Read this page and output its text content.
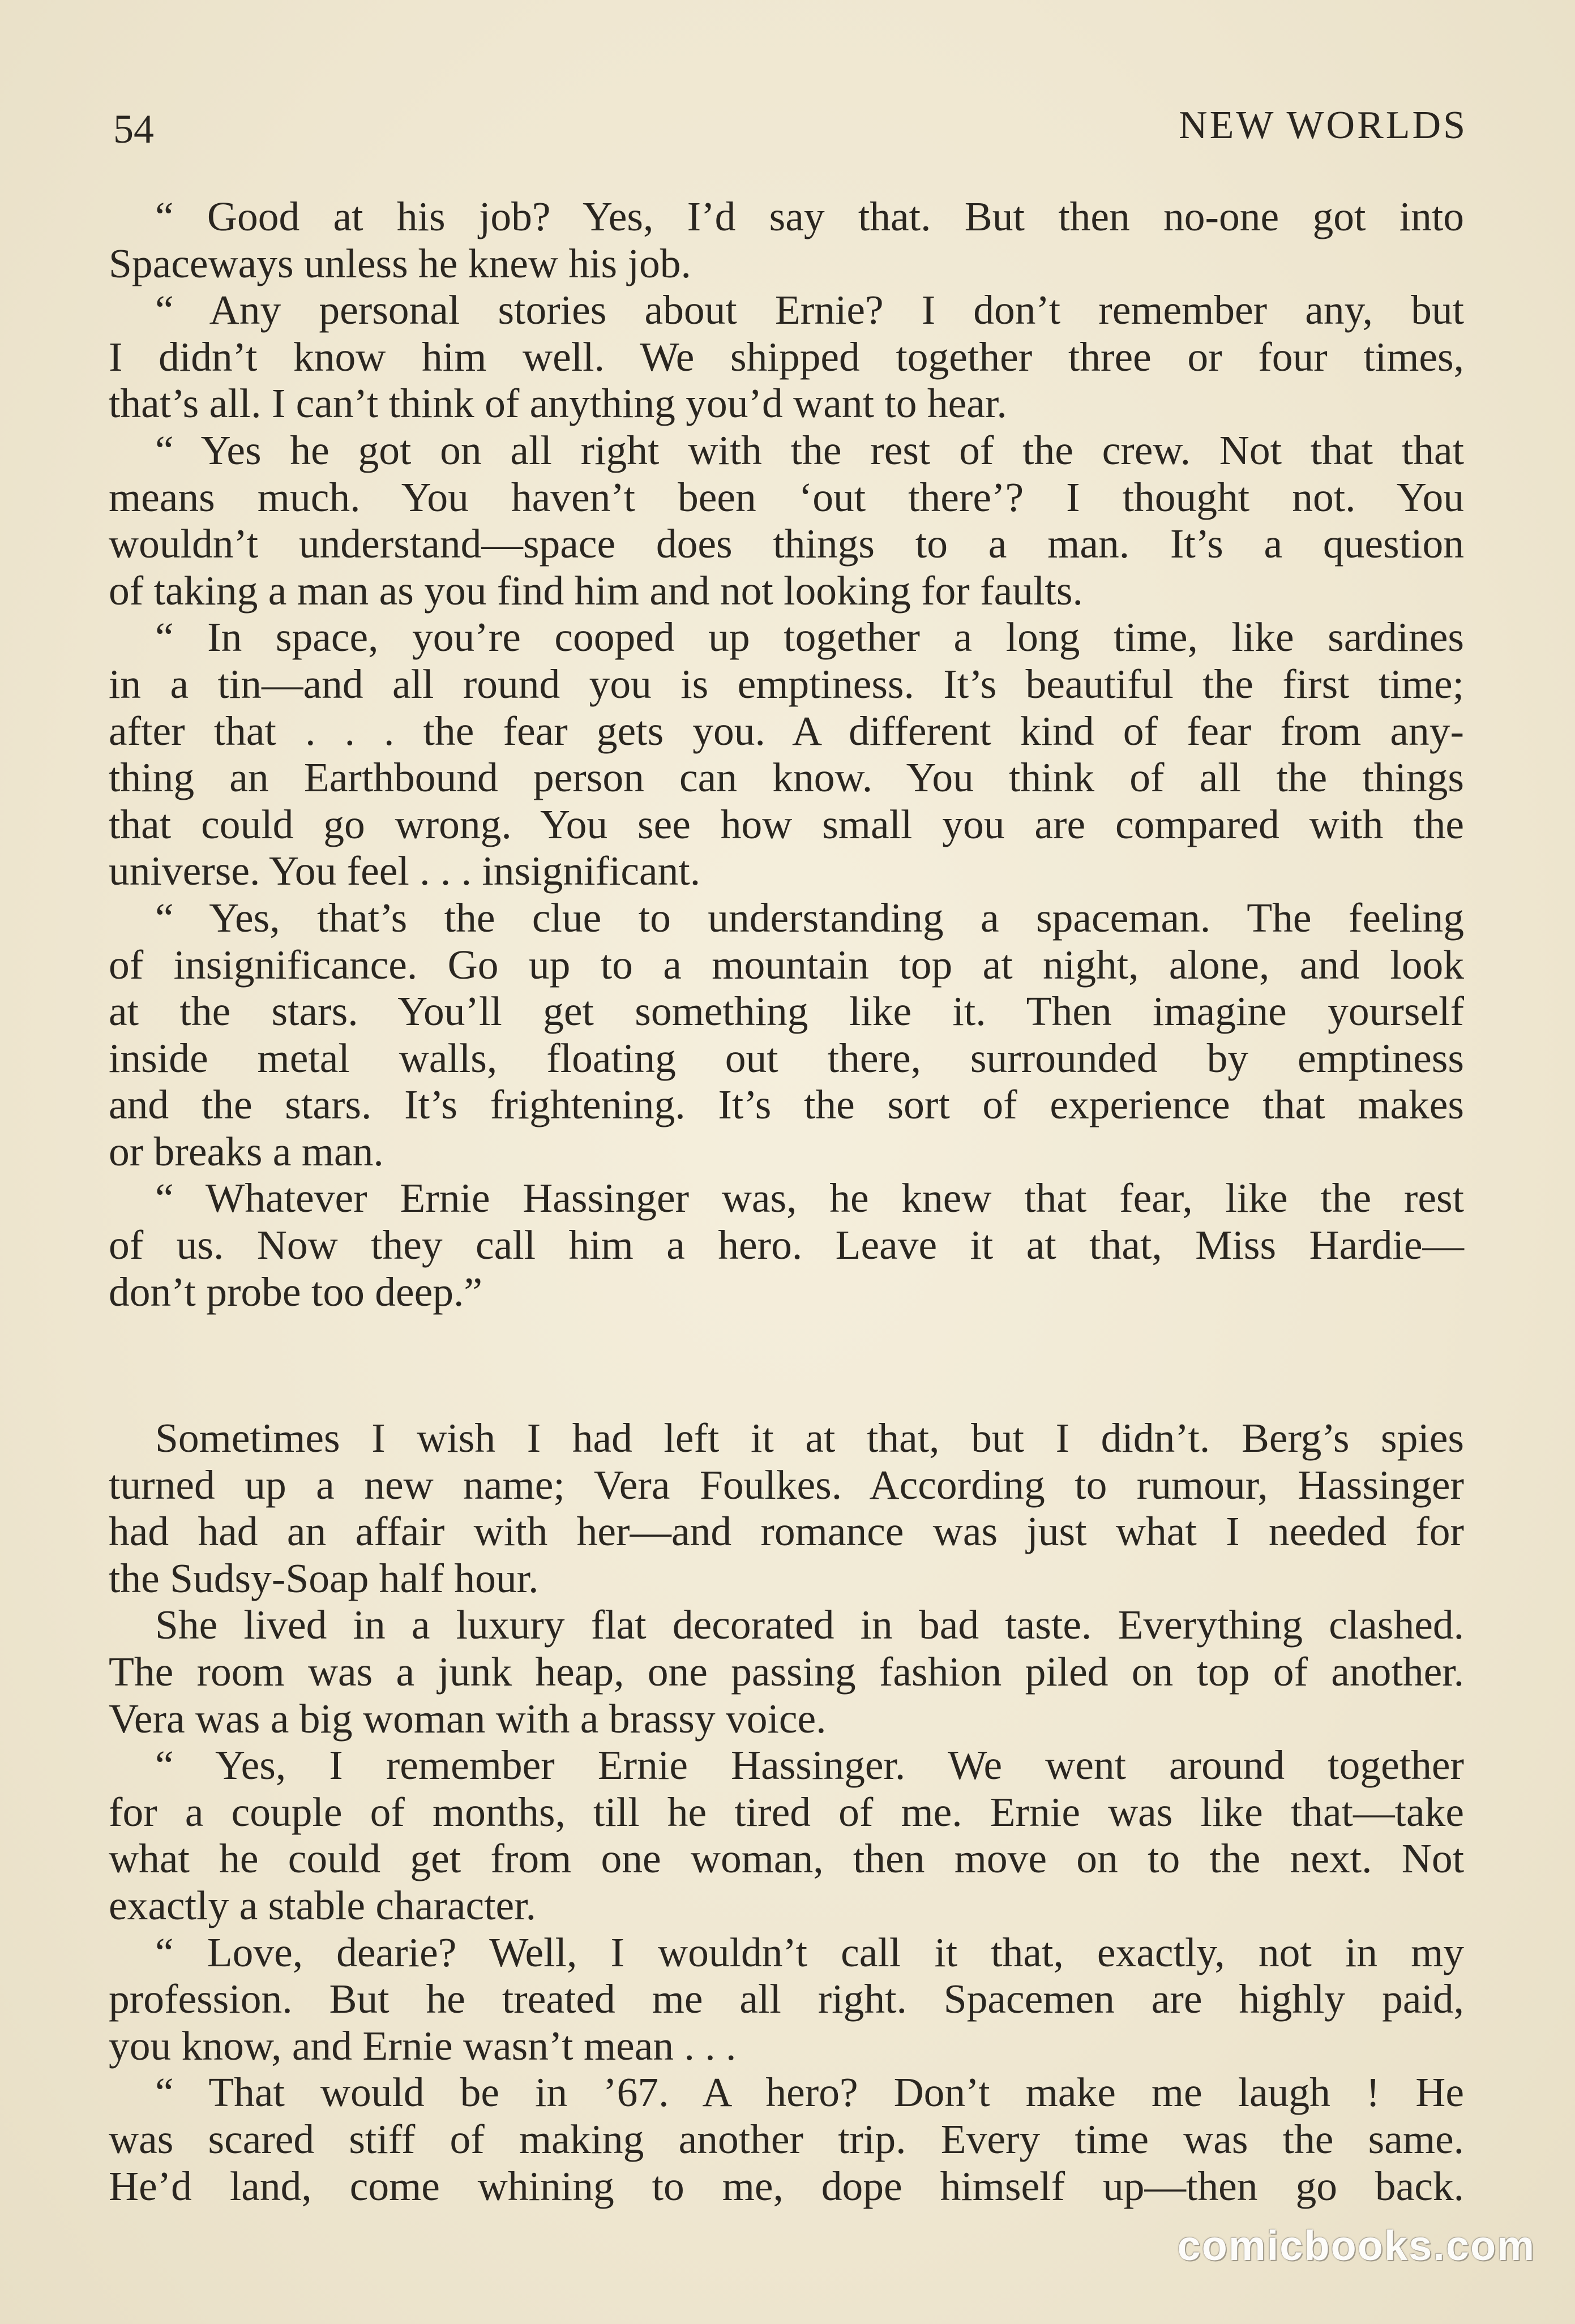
54	NEW WORLDS

“ Good at his job? Yes, I’d say that. But then no-one got into

Spaceways unless he knew his job.

“ Any personal stories about Ernie? I don’t remember any, but

I didn’t know him well. We shipped together three or four times,

that’s all. I can’t think of anything you’d want to hear.

“ Yes he got on all right with the rest of the crew. Not that that

means much. You haven’t been ‘out there’? I thought not. You

wouldn’t understand—space does things to a man. It’s a question

of taking a man as you find him and not looking for faults.

“ In space, you’re cooped up together a long time, like sardines

in a tin—and all round you is emptiness. It’s beautiful the first time;

after that . . . the fear gets you. A different kind of fear from any-

thing an Earthbound person can know. You think of all the things

that could go wrong. You see how small you are compared with the

universe. You feel . . . insignificant.

“ Yes, that’s the clue to understanding a spaceman. The feeling

of insignificance. Go up to a mountain top at night, alone, and look

at the stars. You’ll get something like it. Then imagine yourself

inside metal walls, floating out there, surrounded by emptiness

and the stars. It’s frightening. It’s the sort of experience that makes

or breaks a man.

“ Whatever Ernie Hassinger was, he knew that fear, like the rest

of us. Now they call him a hero. Leave it at that, Miss Hardie—

don’t probe too deep.”

Sometimes I wish I had left it at that, but I didn’t. Berg’s spies

turned up a new name; Vera Foulkes. According to rumour, Hassinger

had had an affair with her—and romance was just what I needed for

the Sudsy-Soap half hour.

She lived in a luxury flat decorated in bad taste. Everything clashed.

The room was a junk heap, one passing fashion piled on top of another.

Vera was a big woman with a brassy voice.

“ Yes, I remember Ernie Hassinger. We went around together

for a couple of months, till he tired of me. Ernie was like that—take

what he could get from one woman, then move on to the next. Not

exactly a stable character.

“ Love, dearie? Well, I wouldn’t call it that, exactly, not in my

profession. But he treated me all right. Spacemen are highly paid,

you know, and Ernie wasn’t mean . . .

“ That would be in ’67. A hero? Don’t make me laugh ! He

was scared stiff of making another trip. Every time was the same.

He’d land, come whining to me, dope himself up—then go back.

comicbooks.com
